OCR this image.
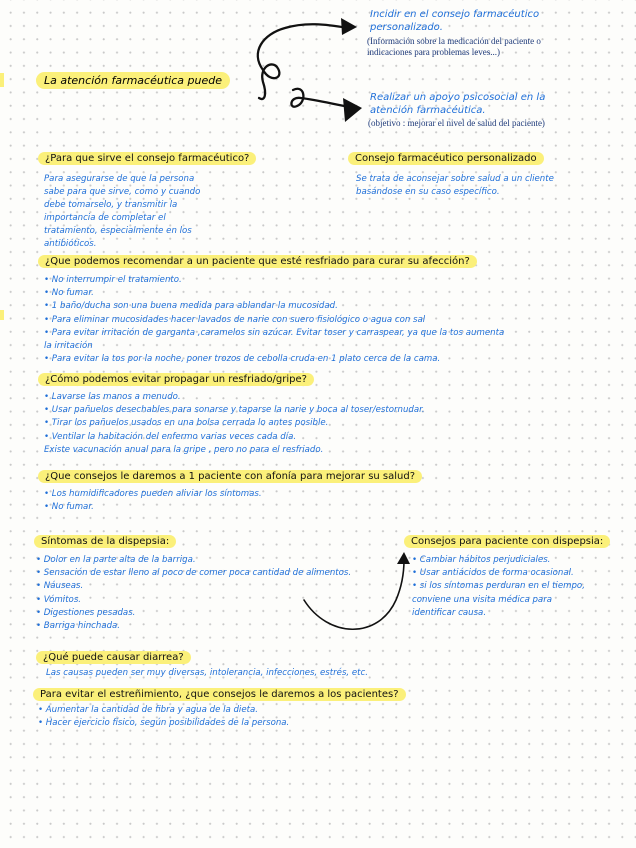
La atención farmacéutica puede
Incidir en el consejo farmacéutico
personalizado.
(Información sobre la medicación del paciente o
indicaciones para problemas leves...)
Realizar un apoyo psicosocial en la
atención farmacéutica.
(objetivo : mejorar el nivel de salud del paciente)
¿Para que sirve el consejo farmacéutico?
Para asegurarse de que la persona
sabe para que sirve, como y cuando
debe tomarselo, y transmitir la
importancia de completar el
tratamiento, especialmente en los
antibióticos.
Consejo farmacéutico personalizado
Se trata de aconsejar sobre salud a un cliente
basándose en su caso específico.
¿Que podemos recomendar a un paciente que esté resfriado para curar su afección?
• No interrumpir el tratamiento.
• No fumar.
• 1 baño/ducha son una buena medida para ablandar la mucosidad.
• Para eliminar mucosidades hacer lavados de narie con suero fisiológico o agua con sal
• Para evitar irritación de garganta ,caramelos sin azúcar. Evitar toser y carraspear, ya que la tos aumenta
la irritación
• Para evitar la tos por la noche, poner trozos de cebolla cruda en 1 plato cerca de la cama.
¿Cómo podemos evitar propagar un resfriado/gripe?
• Lavarse las manos a menudo.
• Usar pañuelos desechables para sonarse y taparse la narie y boca al toser/estornudar.
• Tirar los pañuelos usados en una bolsa cerrada lo antes posible.
• Ventilar la habitación del enfermo varias veces cada día.
Existe vacunación anual para la gripe , pero no para el resfriado.
¿Que consejos le daremos a 1 paciente con afonía para mejorar su salud?
• Los humidificadores pueden aliviar los síntomas.
• No fumar.
Síntomas de la dispepsia:
• Dolor en la parte alta de la barriga.
• Sensación de estar lleno al poco de comer poca cantidad de alimentos.
• Náuseas.
• Vómitos.
• Digestiones pesadas.
• Barriga hinchada.
Consejos para paciente con dispepsia:
• Cambiar hábitos perjudiciales.
• Usar antiácidos de forma ocasional.
• si los síntomas perduran en el tiempo,
conviene una visita médica para
identificar causa.
¿Qué puede causar diarrea?
Las causas pueden ser muy diversas, intolerancia, infecciones, estrés, etc.
Para evitar el estreñimiento, ¿que consejos le daremos a los pacientes?
• Aumentar la cantidad de fibra y agua de la dieta.
• Hacer ejercicio físico, según posibilidades de la persona.
